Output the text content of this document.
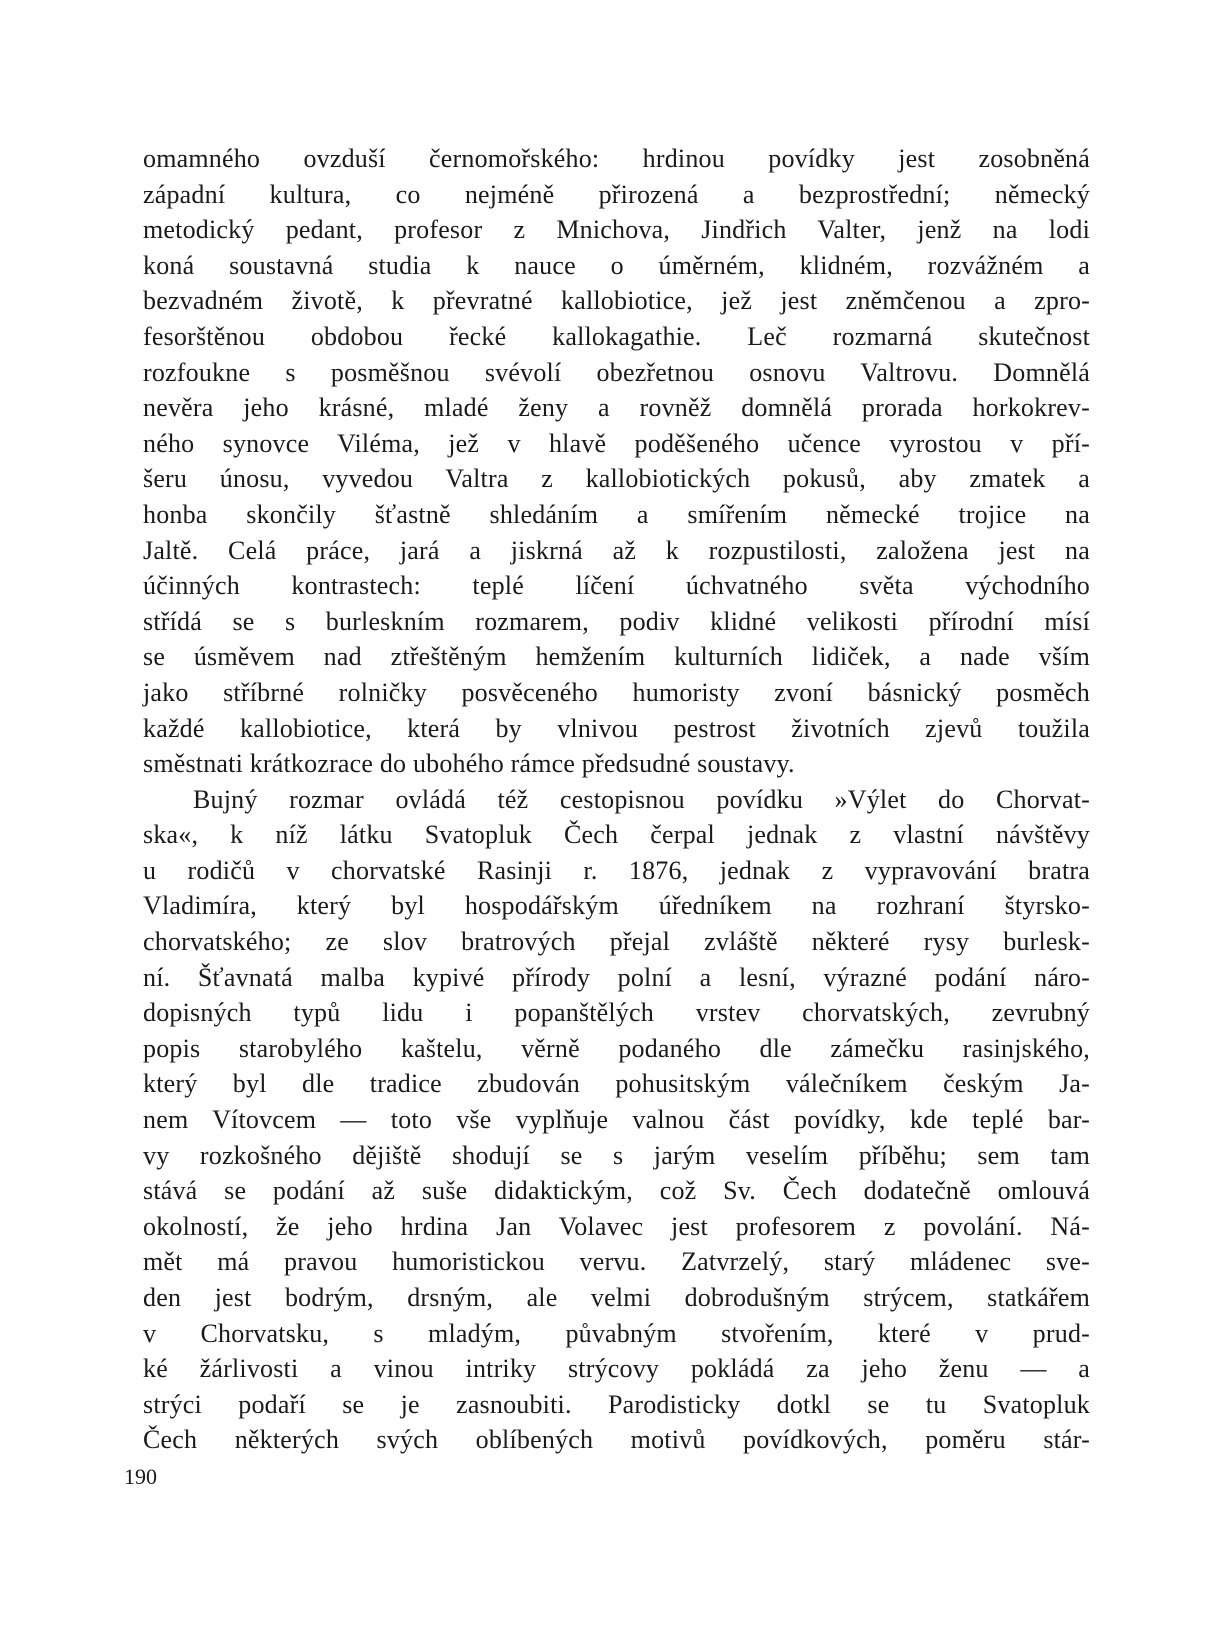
omamného ovzduší černomořského: hrdinou povídky jest zosobněná
západní kultura, co nejméně přirozená a bezprostřední; německý
metodický pedant, profesor z Mnichova, Jindřich Valter, jenž na lodi
koná soustavná studia k nauce o úměrném, klidném, rozvážném a
bezvadném životě, k převratné kallobiotice, jež jest zněmčenou a zpro-
fesorštěnou obdobou řecké kallokagathie. Leč rozmarná skutečnost
rozfoukne s posměšnou svévolí obezřetnou osnovu Valtrovu. Domnělá
nevěra jeho krásné, mladé ženy a rovněž domnělá prorada horkokrev-
ného synovce Viléma, jež v hlavě poděšeného učence vyrostou v pří-
šeru únosu, vyvedou Valtra z kallobiotických pokusů, aby zmatek a
honba skončily šťastně shledáním a smířením německé trojice na
Jaltě. Celá práce, jará a jiskrná až k rozpustilosti, založena jest na
účinných kontrastech: teplé líčení úchvatného světa východního
střídá se s burleskním rozmarem, podiv klidné velikosti přírodní mísí
se úsměvem nad ztřeštěným hemžením kulturních lidiček, a nade vším
jako stříbrné rolničky posvěceného humoristy zvoní básnický posměch
každé kallobiotice, která by vlnivou pestrost životních zjevů toužila
směstnati krátkozrace do ubohého rámce předsudné soustavy.
Bujný rozmar ovládá též cestopisnou povídku »Výlet do Chorvat-
ska«, k níž látku Svatopluk Čech čerpal jednak z vlastní návštěvy
u rodičů v chorvatské Rasinji r. 1876, jednak z vypravování bratra
Vladimíra, který byl hospodářským úředníkem na rozhraní štyrsko-
chorvatského; ze slov bratrových přejal zvláště některé rysy burlesk-
ní. Šťavnatá malba kypivé přírody polní a lesní, výrazné podání náro-
dopisných typů lidu i popanštělých vrstev chorvatských, zevrubný
popis starobylého kaštelu, věrně podaného dle zámečku rasinjského,
který byl dle tradice zbudován pohusitským válečníkem českým Ja-
nem Vítovcem — toto vše vyplňuje valnou část povídky, kde teplé bar-
vy rozkošného dějiště shodují se s jarým veselím příběhu; sem tam
stává se podání až suše didaktickým, což Sv. Čech dodatečně omlouvá
okolností, že jeho hrdina Jan Volavec jest profesorem z povolání. Ná-
mět má pravou humoristickou vervu. Zatvrzelý, starý mládenec sve-
den jest bodrým, drsným, ale velmi dobrodušným strýcem, statkářem
v Chorvatsku, s mladým, půvabným stvořením, které v prud-
ké žárlivosti a vinou intriky strýcovy pokládá za jeho ženu — a
strýci podaří se je zasnoubiti. Parodisticky dotkl se tu Svatopluk
Čech některých svých oblíbených motivů povídkových, poměru stár-
190
